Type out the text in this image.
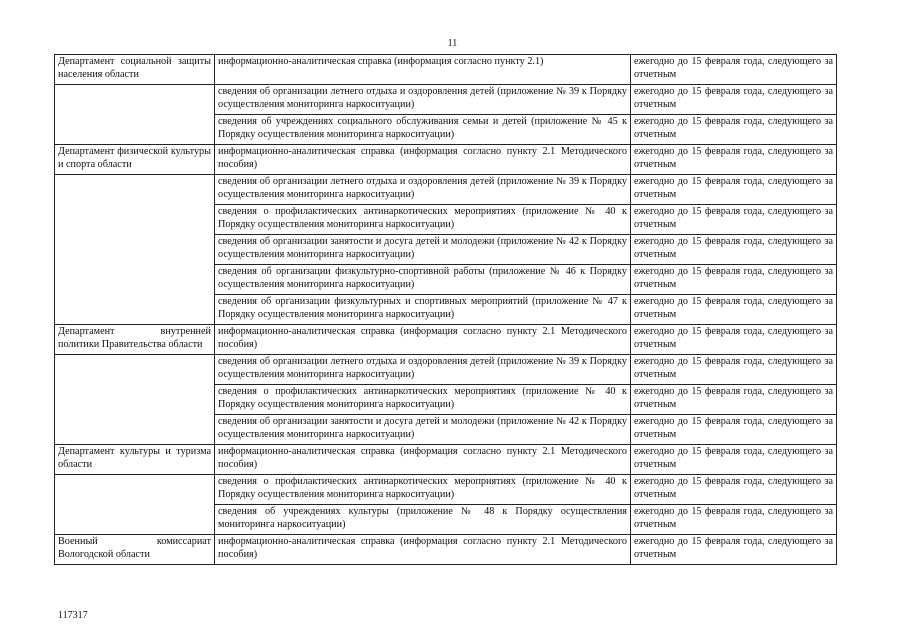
11
Департамент социальной защиты населения области	информационно-аналитическая справка (информация согласно пункту 2.1)	ежегодно до 15 февраля года, следующего за отчетным
	сведения об организации летнего отдыха и оздоровления детей (приложение № 39 к Порядку осуществления мониторинга наркоситуации)	ежегодно до 15 февраля года, следующего за отчетным
	сведения об учреждениях социального обслуживания семьи и детей (приложение № 45 к Порядку осуществления мониторинга наркоситуации)	ежегодно до 15 февраля года, следующего за отчетным
Департамент физической культуры и спорта области	информационно-аналитическая справка (информация согласно пункту 2.1 Методического пособия)	ежегодно до 15 февраля года, следующего за отчетным
	сведения об организации летнего отдыха и оздоровления детей (приложение № 39 к Порядку осуществления мониторинга наркоситуации)	ежегодно до 15 февраля года, следующего за отчетным
	сведения о профилактических антинаркотических мероприятиях (приложение № 40 к Порядку осуществления мониторинга наркоситуации)	ежегодно до 15 февраля года, следующего за отчетным
	сведения об организации занятости и досуга детей и молодежи (приложение № 42 к Порядку осуществления мониторинга наркоситуации)	ежегодно до 15 февраля года, следующего за отчетным
	сведения об организации физкультурно-спортивной работы (приложение № 46 к Порядку осуществления мониторинга наркоситуации)	ежегодно до 15 февраля года, следующего за отчетным
	сведения об организации физкультурных и спортивных мероприятий (приложение № 47 к Порядку осуществления мониторинга наркоситуации)	ежегодно до 15 февраля года, следующего за отчетным
Департамент внутренней политики Правительства области	информационно-аналитическая справка (информация согласно пункту 2.1 Методического пособия)	ежегодно до 15 февраля года, следующего за отчетным
	сведения об организации летнего отдыха и оздоровления детей (приложение № 39 к Порядку осуществления мониторинга наркоситуации)	ежегодно до 15 февраля года, следующего за отчетным
	сведения о профилактических антинаркотических мероприятиях (приложение № 40 к Порядку осуществления мониторинга наркоситуации)	ежегодно до 15 февраля года, следующего за отчетным
	сведения об организации занятости и досуга детей и молодежи (приложение № 42 к Порядку осуществления мониторинга наркоситуации)	ежегодно до 15 февраля года, следующего за отчетным
Департамент культуры и туризма области	информационно-аналитическая справка (информация согласно пункту 2.1 Методического пособия)	ежегодно до 15 февраля года, следующего за отчетным
	сведения о профилактических антинаркотических мероприятиях (приложение № 40 к Порядку осуществления мониторинга наркоситуации)	ежегодно до 15 февраля года, следующего за отчетным
	сведения об учреждениях культуры (приложение № 48 к Порядку осуществления мониторинга наркоситуации)	ежегодно до 15 февраля года, следующего за отчетным
Военный комиссариат Вологодской области	информационно-аналитическая справка (информация согласно пункту 2.1 Методического пособия)	ежегодно до 15 февраля года, следующего за отчетным
117317
